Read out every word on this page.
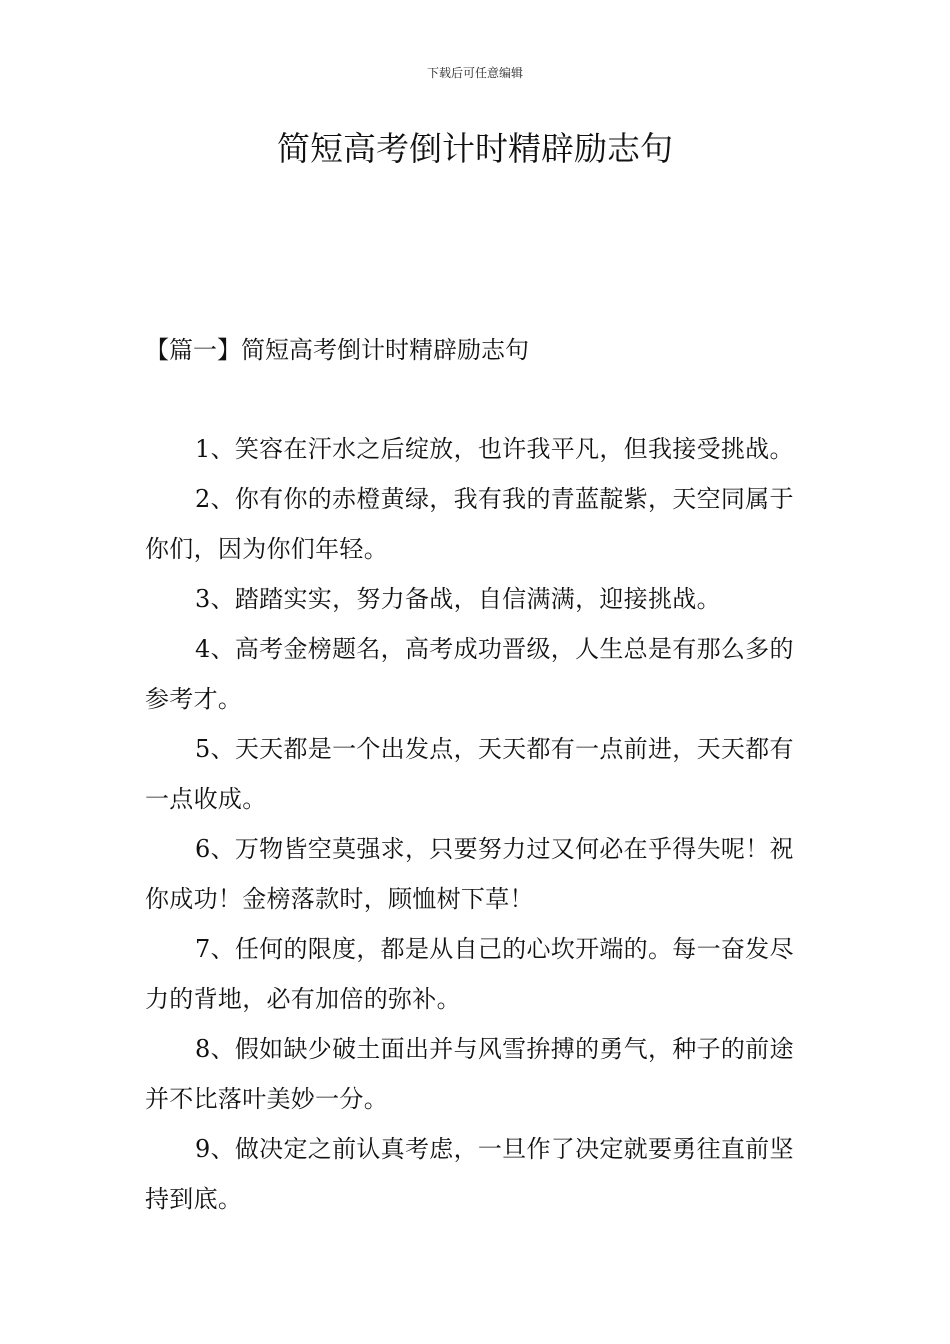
下载后可任意编辑
简短高考倒计时精辟励志句
【篇一】简短高考倒计时精辟励志句

1、笑容在汗水之后绽放，也许我平凡，但我接受挑战。

2、你有你的赤橙黄绿，我有我的青蓝靛紫，天空同属于你们，因为你们年轻。

3、踏踏实实，努力备战，自信满满，迎接挑战。

4、高考金榜题名，高考成功晋级，人生总是有那么多的参考才。

5、天天都是一个出发点，天天都有一点前进，天天都有一点收成。

6、万物皆空莫强求，只要努力过又何必在乎得失呢！祝你成功！金榜落款时，顾恤树下草！

7、任何的限度，都是从自己的心坎开端的。每一奋发尽力的背地，必有加倍的弥补。

8、假如缺少破土面出并与风雪拚搏的勇气，种子的前途并不比落叶美妙一分。

9、做决定之前认真考虑，一旦作了决定就要勇往直前坚持到底。
